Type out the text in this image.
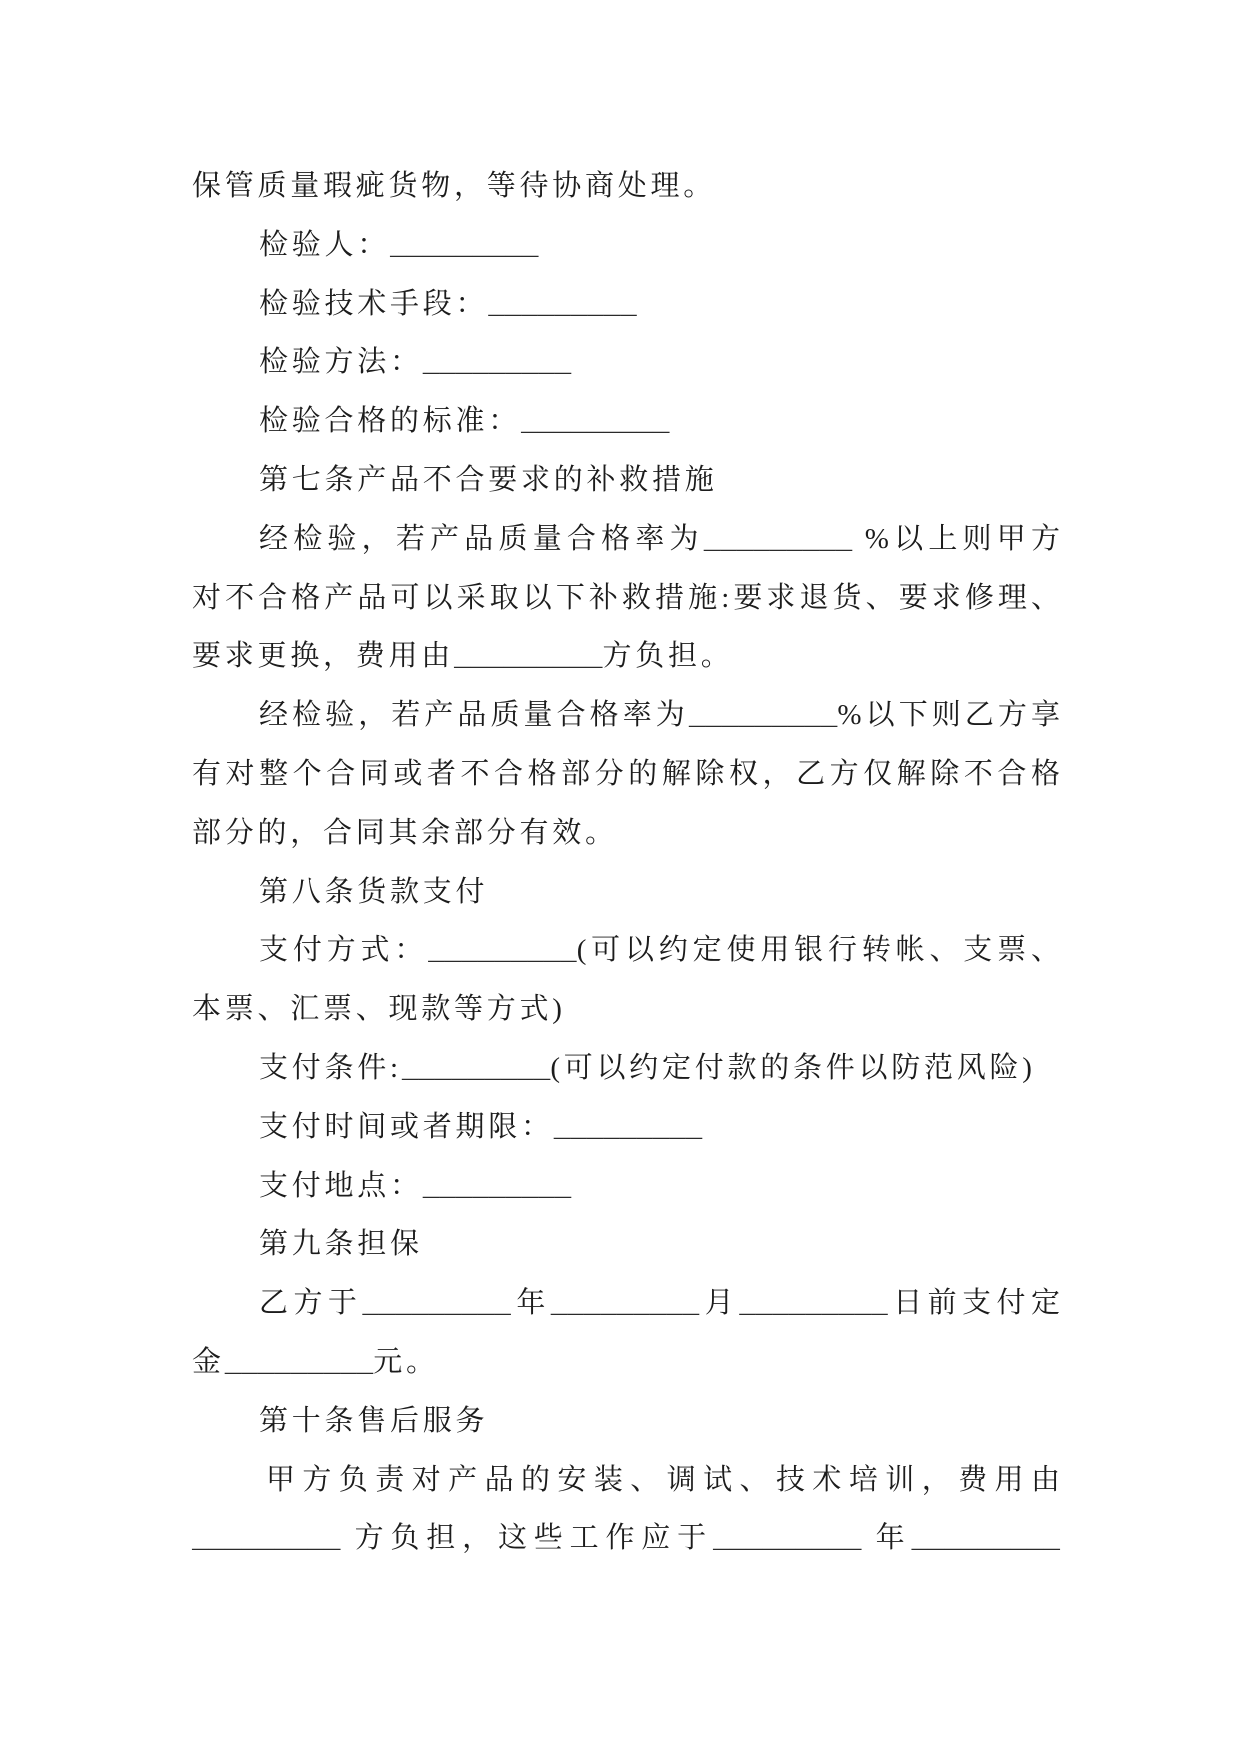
保管质量瑕疵货物，等待协商处理。
检验人：_________
检验技术手段：_________
检验方法：_________
检验合格的标准：_________
第七条产品不合要求的补救措施
经检验，若产品质量合格率为_________ %以上则甲方
对不合格产品可以采取以下补救措施:要求退货、要求修理、
要求更换，费用由_________方负担。
经检验，若产品质量合格率为_________%以下则乙方享
有对整个合同或者不合格部分的解除权，乙方仅解除不合格
部分的，合同其余部分有效。
第八条货款支付
支付方式：_________(可以约定使用银行转帐、支票、
本票、汇票、现款等方式)
支付条件:_________(可以约定付款的条件以防范风险)
支付时间或者期限：_________
支付地点：_________
第九条担保
乙方于_________年_________月_________日前支付定
金_________元。
第十条售后服务
甲方负责对产品的安装、调试、技术培训，费用由
_________ 方负担，这些工作应于_________ 年_________
